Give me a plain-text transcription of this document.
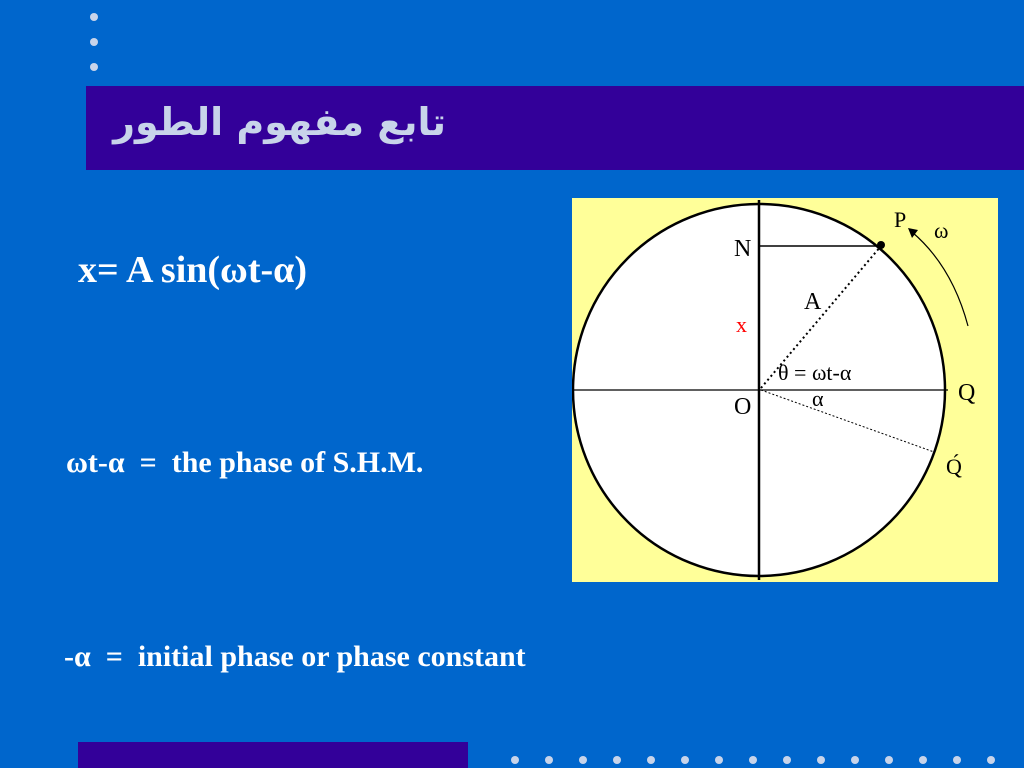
تابع مفهوم الطور
x= A sin(ωt-α)
ωt-α  =  the phase of S.H.M.
-α  =  initial phase or phase constant
P ω
N
A
x
θ = ωt-α
α
O
Q
Q́
